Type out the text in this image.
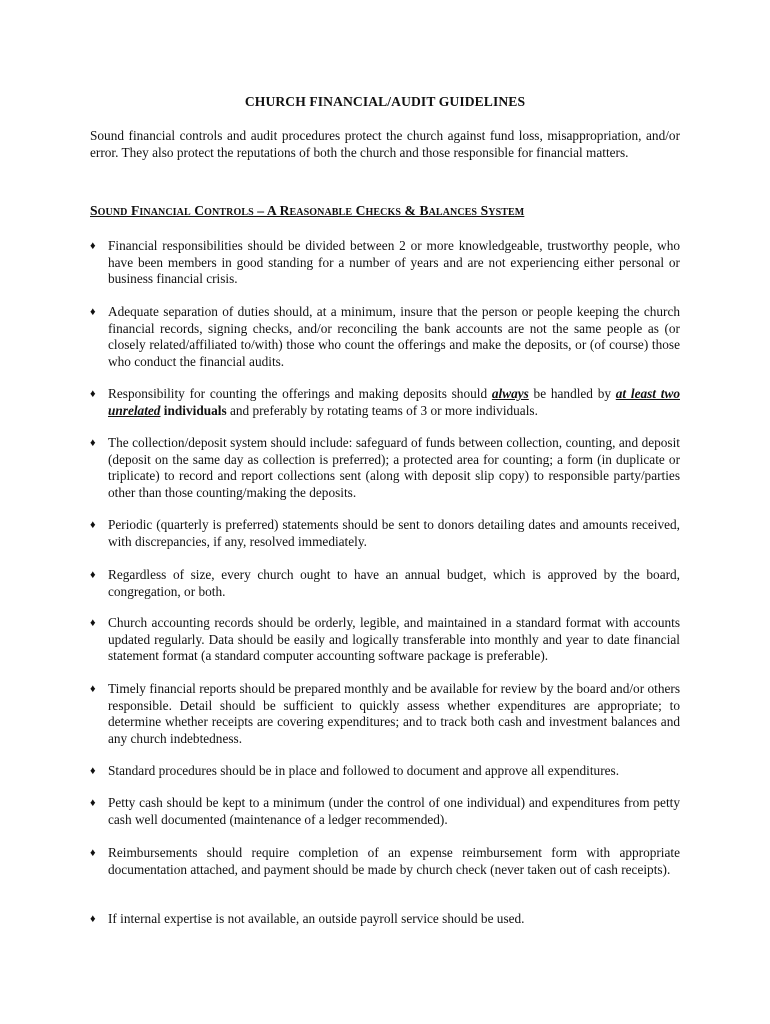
CHURCH FINANCIAL/AUDIT GUIDELINES

Sound financial controls and audit procedures protect the church against fund loss, misappropriation, and/or error. They also protect the reputations of both the church and those responsible for financial matters.

Sound Financial Controls – A Reasonable Checks & Balances System
♦ Financial responsibilities should be divided between 2 or more knowledgeable, trustworthy people, who have been members in good standing for a number of years and are not experiencing either personal or business financial crisis.

♦ Adequate separation of duties should, at a minimum, insure that the person or people keeping the church financial records, signing checks, and/or reconciling the bank accounts are not the same people as (or closely related/affiliated to/with) those who count the offerings and make the deposits, or (of course) those who conduct the financial audits.

♦ Responsibility for counting the offerings and making deposits should always be handled by at least two unrelated individuals and preferably by rotating teams of 3 or more individuals.

♦ The collection/deposit system should include: safeguard of funds between collection, counting, and deposit (deposit on the same day as collection is preferred); a protected area for counting; a form (in duplicate or triplicate) to record and report collections sent (along with deposit slip copy) to responsible party/parties other than those counting/making the deposits.

♦ Periodic (quarterly is preferred) statements should be sent to donors detailing dates and amounts received, with discrepancies, if any, resolved immediately.

♦ Regardless of size, every church ought to have an annual budget, which is approved by the board, congregation, or both.

♦ Church accounting records should be orderly, legible, and maintained in a standard format with accounts updated regularly. Data should be easily and logically transferable into monthly and year to date financial statement format (a standard computer accounting software package is preferable).

♦ Timely financial reports should be prepared monthly and be available for review by the board and/or others responsible. Detail should be sufficient to quickly assess whether expenditures are appropriate; to determine whether receipts are covering expenditures; and to track both cash and investment balances and any church indebtedness.

♦ Standard procedures should be in place and followed to document and approve all expenditures.

♦ Petty cash should be kept to a minimum (under the control of one individual) and expenditures from petty cash well documented (maintenance of a ledger recommended).

♦ Reimbursements should require completion of an expense reimbursement form with appropriate documentation attached, and payment should be made by church check (never taken out of cash receipts).

♦ If internal expertise is not available, an outside payroll service should be used.
